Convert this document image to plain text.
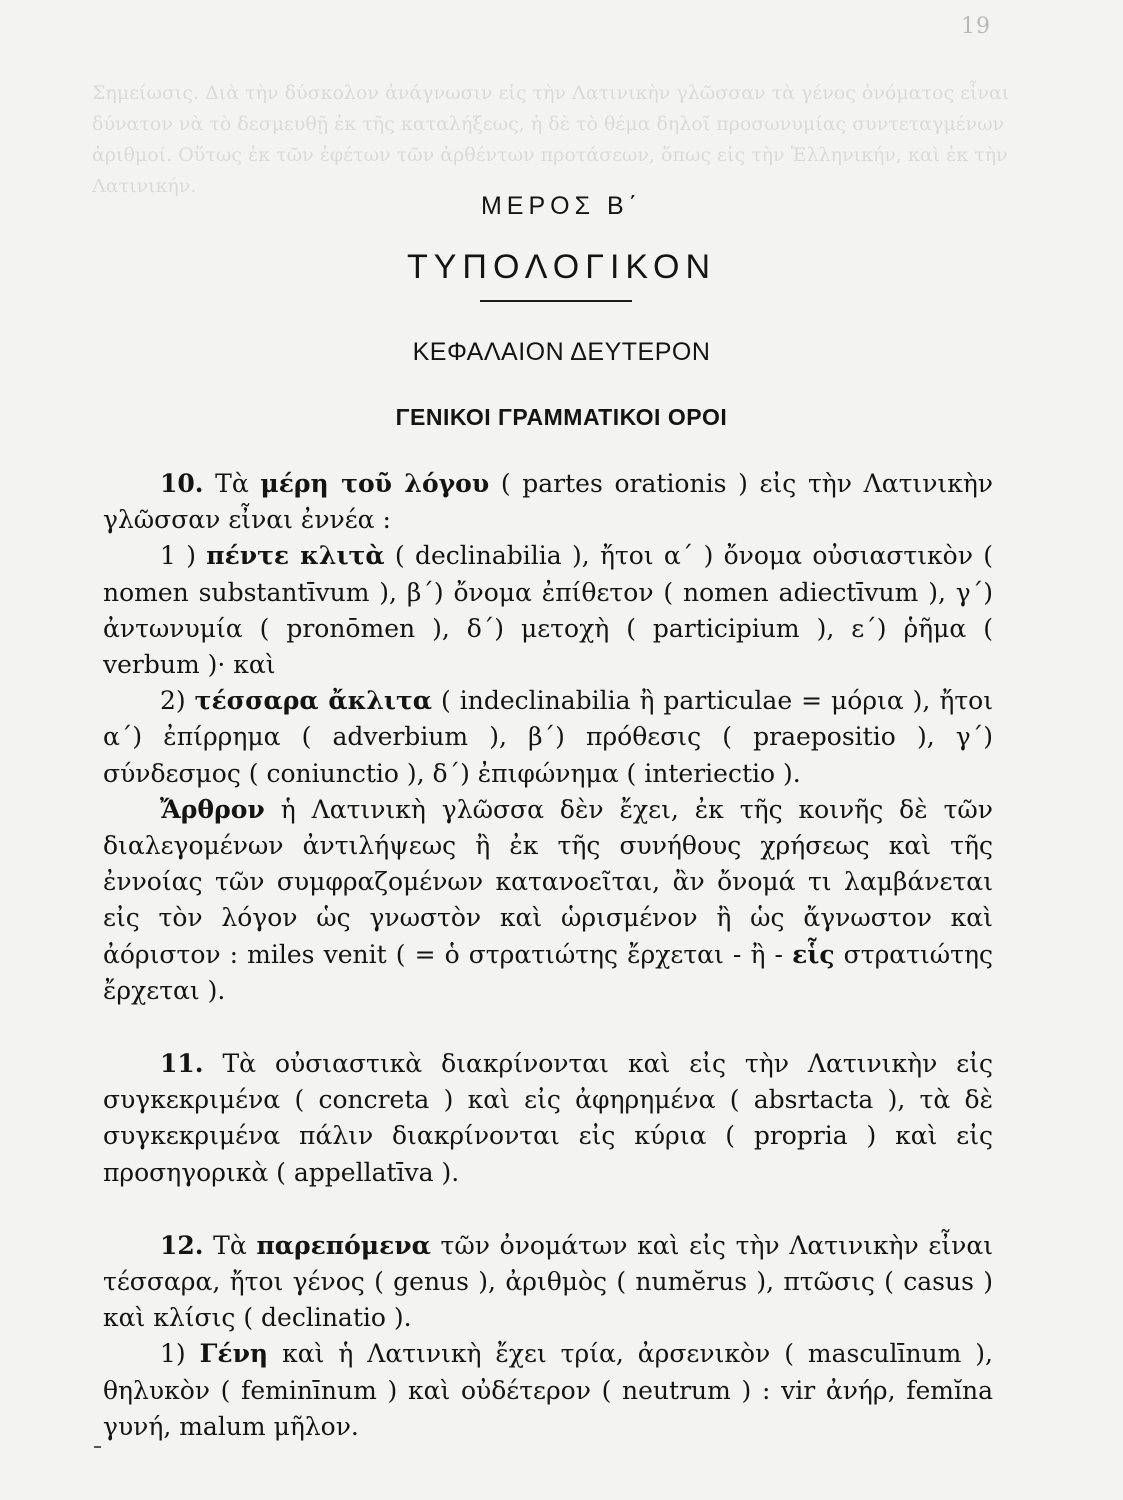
19
Σημείωσις. Διὰ τὴν δύσκολον ἀνάγνωσιν εἰς τὴν Λατινικὴν γλῶσσαν τὰ γένος ὀνόματος εἶναι δύνατον νὰ τὸ δεσμευθῇ ἐκ τῆς καταλήξεως, ἡ δὲ τὸ θέμα δηλοῖ προσωνυμίας συντεταγμένων ἀριθμοί. Οὕτως ἐκ τῶν ἐφέτων τῶν ἀρθέντων προτάσεων, ὅπως εἰς τὴν Ἑλληνικήν, καὶ ἐκ τὴν Λατινικήν.
ΜΕΡΟΣ Β΄
ΤΥΠΟΛΟΓΙΚΟΝ
ΚΕΦΑΛΑΙΟΝ ΔΕΥΤΕΡΟΝ
ΓΕΝΙΚΟΙ ΓΡΑΜΜΑΤΙΚΟΙ ΟΡΟΙ

10. Τὰ μέρη τοῦ λόγου ( partes orationis ) εἰς τὴν Λατινικὴν γλῶσσαν εἶναι ἐννέα :

1 ) πέντε κλιτὰ ( declinabilia ), ἤτοι α΄ ) ὄνομα οὐσιαστικὸν ( nomen substantīvum ), β΄) ὄνομα ἐπίθετον ( nomen adiectīvum ), γ΄) ἀντωνυμία ( pronōmen ), δ΄) μετοχὴ ( participium ), ε΄) ῥῆμα ( verbum )· καὶ

2) τέσσαρα ἄκλιτα ( indeclinabilia ἢ particulae = μόρια ), ἤτοι α΄) ἐπίρρημα ( adverbium ), β΄) πρόθεσις ( praepositio ), γ΄) σύνδεσμος ( coniunctio ), δ΄) ἐπιφώνημα ( interiectio ).

Ἄρθρον ἡ Λατινικὴ γλῶσσα δὲν ἔχει, ἐκ τῆς κοινῆς δὲ τῶν διαλεγομένων ἀντιλήψεως ἢ ἐκ τῆς συνήθους χρήσεως καὶ τῆς ἐννοίας τῶν συμφραζομένων κατανοεῖται, ἂν ὄνομά τι λαμβάνεται εἰς τὸν λόγον ὡς γνωστὸν καὶ ὡρισμένον ἢ ὡς ἄγνωστον καὶ ἀόριστον : miles venit ( = ὁ στρατιώτης ἔρχεται - ἢ - εἷς στρατιώτης ἔρχεται ).

11. Τὰ οὐσιαστικὰ διακρίνονται καὶ εἰς τὴν Λατινικὴν εἰς συγκεκριμένα ( concreta ) καὶ εἰς ἀφηρημένα ( absrtacta ), τὰ δὲ συγκεκριμένα πάλιν διακρίνονται εἰς κύρια ( propria ) καὶ εἰς προσηγορικὰ ( appellatīva ).

12. Τὰ παρεπόμενα τῶν ὀνομάτων καὶ εἰς τὴν Λατινικὴν εἶναι τέσσαρα, ἤτοι γένος ( genus ), ἀριθμὸς ( numĕrus ), πτῶσις ( casus ) καὶ κλίσις ( declinatio ).

1) Γένη καὶ ἡ Λατινικὴ ἔχει τρία, ἀρσενικὸν ( masculīnum ), θηλυκὸν ( feminīnum ) καὶ οὐδέτερον ( neutrum ) : vir ἀνήρ, femĭna γυνή, malum μῆλον.
